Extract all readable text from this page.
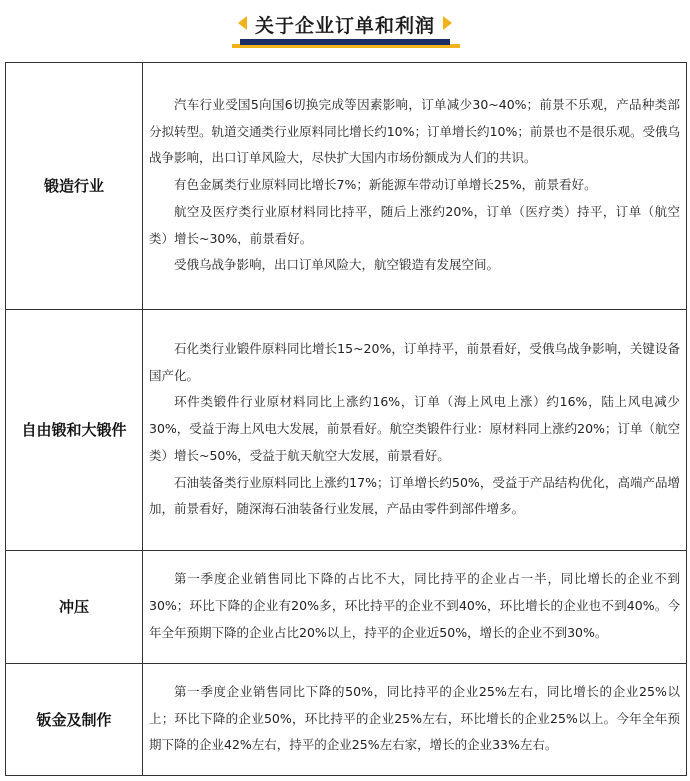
关于企业订单和利润
锻造行业	汽车行业受国5向国6切换完成等因素影响，订单减少30~40%；前景不乐观，产品种类部分拟转型。轨道交通类行业原料同比增长约10%；订单增长约10%；前景也不是很乐观。受俄乌战争影响，出口订单风险大，尽快扩大国内市场份额成为人们的共识。

有色金属类行业原料同比增长7%；新能源车带动订单增长25%，前景看好。

航空及医疗类行业原材料同比持平，随后上涨约20%，订单（医疗类）持平，订单（航空类）增长~30%，前景看好。

受俄乌战争影响，出口订单风险大，航空锻造有发展空间。

自由锻和大锻件	石化类行业锻件原料同比增长15~20%，订单持平，前景看好，受俄乌战争影响，关键设备国产化。

环件类锻件行业原材料同比上涨约16%，订单（海上风电上涨）约16%，陆上风电减少30%，受益于海上风电大发展，前景看好。航空类锻件行业：原材料同上涨约20%；订单（航空类）增长~50%，受益于航天航空大发展，前景看好。

石油装备类行业原料同比上涨约17%；订单增长约50%，受益于产品结构优化，高端产品增加，前景看好，随深海石油装备行业发展，产品由零件到部件增多。

冲压	第一季度企业销售同比下降的占比不大，同比持平的企业占一半，同比增长的企业不到30%；环比下降的企业有20%多，环比持平的企业不到40%，环比增长的企业也不到40%。今年全年预期下降的企业占比20%以上，持平的企业近50%，增长的企业不到30%。

钣金及制作	第一季度企业销售同比下降的50%，同比持平的企业25%左右，同比增长的企业25%以上；环比下降的企业50%，环比持平的企业25%左右，环比增长的企业25%以上。今年全年预期下降的企业42%左右，持平的企业25%左右家，增长的企业33%左右。
